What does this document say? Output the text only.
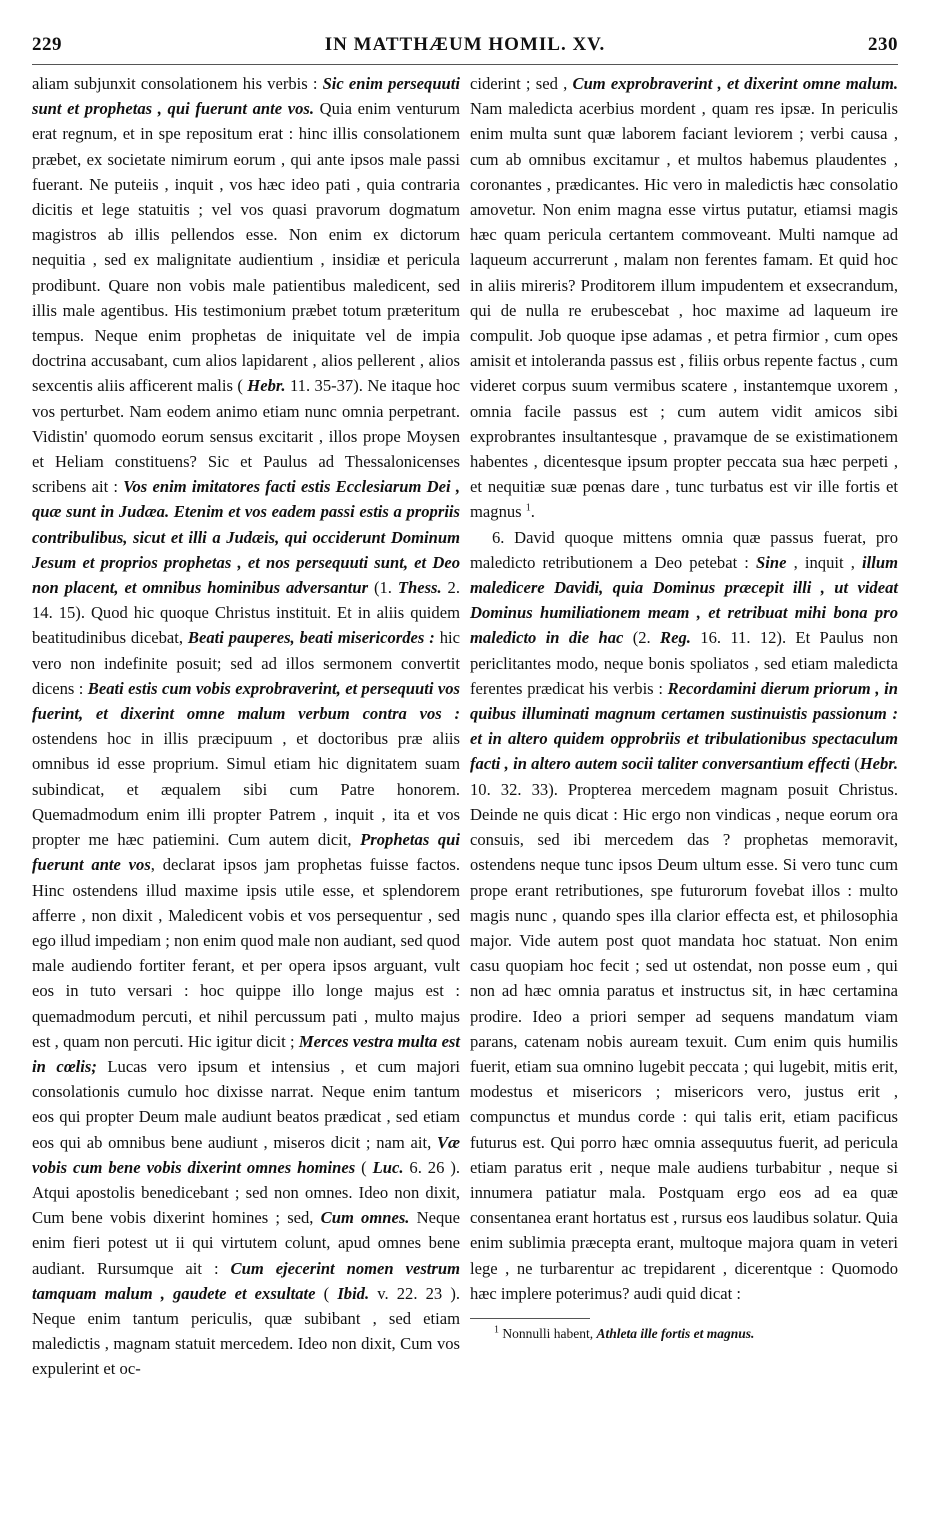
229	IN MATTHÆUM HOMIL. XV.	230

aliam subjunxit consolationem his verbis : Sic enim persequuti sunt et prophetas , qui fuerunt ante vos. Quia enim venturum erat regnum, et in spe repositum erat : hinc illis consolationem præbet, ex societate nimirum eorum , qui ante ipsos male passi fuerant. Ne puteiis , inquit , vos hæc ideo pati , quia contraria dicitis et lege statuitis ; vel vos quasi pravorum dogmatum magistros ab illis pellendos esse. Non enim ex dictorum nequitia , sed ex malignitate audientium , insidiæ et pericula prodibunt. Quare non vobis male patientibus maledicent, sed illis male agentibus. His testimonium præbet totum præteritum tempus. Neque enim prophetas de iniquitate vel de impia doctrina accusabant, cum alios lapidarent , alios pellerent , alios sexcentis aliis afficerent malis ( Hebr. 11. 35-37). Ne itaque hoc vos perturbet. Nam eodem animo etiam nunc omnia perpetrant. Vidistin' quomodo eorum sensus excitarit , illos prope Moysen et Heliam constituens? Sic et Paulus ad Thessalonicenses scribens ait : Vos enim imitatores facti estis Ecclesiarum Dei , quæ sunt in Judæa. Etenim et vos eadem passi estis a propriis contribulibus, sicut et illi a Judæis, qui occiderunt Dominum Jesum et proprios prophetas , et nos persequuti sunt, et Deo non placent, et omnibus hominibus adversantur (1. Thess. 2. 14. 15). Quod hic quoque Christus instituit. Et in aliis quidem beatitudinibus dicebat, Beati pauperes, beati misericordes : hic vero non indefinite posuit; sed ad illos sermonem convertit dicens : Beati estis cum vobis exprobraverint, et persequuti vos fuerint, et dixerint omne malum verbum contra vos : ostendens hoc in illis præcipuum , et doctoribus præ aliis omnibus id esse proprium. Simul etiam hic dignitatem suam subindicat, et æqualem sibi cum Patre honorem. Quemadmodum enim illi propter Patrem , inquit , ita et vos propter me hæc patiemini. Cum autem dicit, Prophetas qui fuerunt ante vos, declarat ipsos jam prophetas fuisse factos. Hinc ostendens illud maxime ipsis utile esse, et splendorem afferre , non dixit , Maledicent vobis et vos persequentur , sed ego illud impediam ; non enim quod male non audiant, sed quod male audiendo fortiter ferant, et per opera ipsos arguant, vult eos in tuto versari : hoc quippe illo longe majus est : quemadmodum percuti, et nihil percussum pati , multo majus est , quam non percuti. Hic igitur dicit ; Merces vestra multa est in cœlis; Lucas vero ipsum et intensius , et cum majori consolationis cumulo hoc dixisse narrat. Neque enim tantum eos qui propter Deum male audiunt beatos prædicat , sed etiam eos qui ab omnibus bene audiunt , miseros dicit ; nam ait, Væ vobis cum bene vobis dixerint omnes homines ( Luc. 6. 26 ). Atqui apostolis benedicebant ; sed non omnes. Ideo non dixit, Cum bene vobis dixerint homines ; sed, Cum omnes. Neque enim fieri potest ut ii qui virtutem colunt, apud omnes bene audiant. Rursumque ait : Cum ejecerint nomen vestrum tamquam malum , gaudete et exsultate ( Ibid. v. 22. 23 ). Neque enim tantum periculis, quæ subibant , sed etiam maledictis , magnam statuit mercedem. Ideo non dixit, Cum vos expulerint et oc-

ciderint ; sed , Cum exprobraverint , et dixerint omne malum. Nam maledicta acerbius mordent , quam res ipsæ. In periculis enim multa sunt quæ laborem faciant leviorem ; verbi causa , cum ab omnibus excitamur , et multos habemus plaudentes , coronantes , prædicantes. Hic vero in maledictis hæc consolatio amovetur. Non enim magna esse virtus putatur, etiamsi magis hæc quam pericula certantem commoveant. Multi namque ad laqueum accurrerunt , malam non ferentes famam. Et quid hoc in aliis mireris? Proditorem illum impudentem et exsecrandum, qui de nulla re erubescebat , hoc maxime ad laqueum ire compulit. Job quoque ipse adamas , et petra firmior , cum opes amisit et intoleranda passus est , filiis orbus repente factus , cum videret corpus suum vermibus scatere , instantemque uxorem , omnia facile passus est ; cum autem vidit amicos sibi exprobrantes insultantesque , pravamque de se existimationem habentes , dicentesque ipsum propter peccata sua hæc perpeti , et nequitiæ suæ pœnas dare , tunc turbatus est vir ille fortis et magnus $^1$.

6. David quoque mittens omnia quæ passus fuerat, pro maledicto retributionem a Deo petebat : Sine , inquit , illum maledicere Davidi, quia Dominus præcepit illi , ut videat Dominus humiliationem meam , et retribuat mihi bona pro maledicto in die hac (2. Reg. 16. 11. 12). Et Paulus non periclitantes modo, neque bonis spoliatos , sed etiam maledicta ferentes prædicat his verbis : Recordamini dierum priorum , in quibus illuminati magnum certamen sustinuistis passionum : et in altero quidem opprobriis et tribulationibus spectaculum facti , in altero autem socii taliter conversantium effecti (Hebr. 10. 32. 33). Propterea mercedem magnam posuit Christus. Deinde ne quis dicat : Hic ergo non vindicas , neque eorum ora consuis, sed ibi mercedem das ? prophetas memoravit, ostendens neque tunc ipsos Deum ultum esse. Si vero tunc cum prope erant retributiones, spe futurorum fovebat illos : multo magis nunc , quando spes illa clarior effecta est, et philosophia major. Vide autem post quot mandata hoc statuat. Non enim casu quopiam hoc fecit ; sed ut ostendat, non posse eum , qui non ad hæc omnia paratus et instructus sit, in hæc certamina prodire. Ideo a priori semper ad sequens mandatum viam parans, catenam nobis auream texuit. Cum enim quis humilis fuerit, etiam sua omnino lugebit peccata ; qui lugebit, mitis erit, modestus et misericors ; misericors vero, justus erit , compunctus et mundus corde : qui talis erit, etiam pacificus futurus est. Qui porro hæc omnia assequutus fuerit, ad pericula etiam paratus erit , neque male audiens turbabitur , neque si innumera patiatur mala. Postquam ergo eos ad ea quæ consentanea erant hortatus est , rursus eos laudibus solatur. Quia enim sublimia præcepta erant, multoque majora quam in veteri lege , ne turbarentur ac trepidarent , dicerentque : Quomodo hæc implere poterimus? audi quid dicat :

$^1$ Nonnulli habent, Athleta ille fortis et magnus.
